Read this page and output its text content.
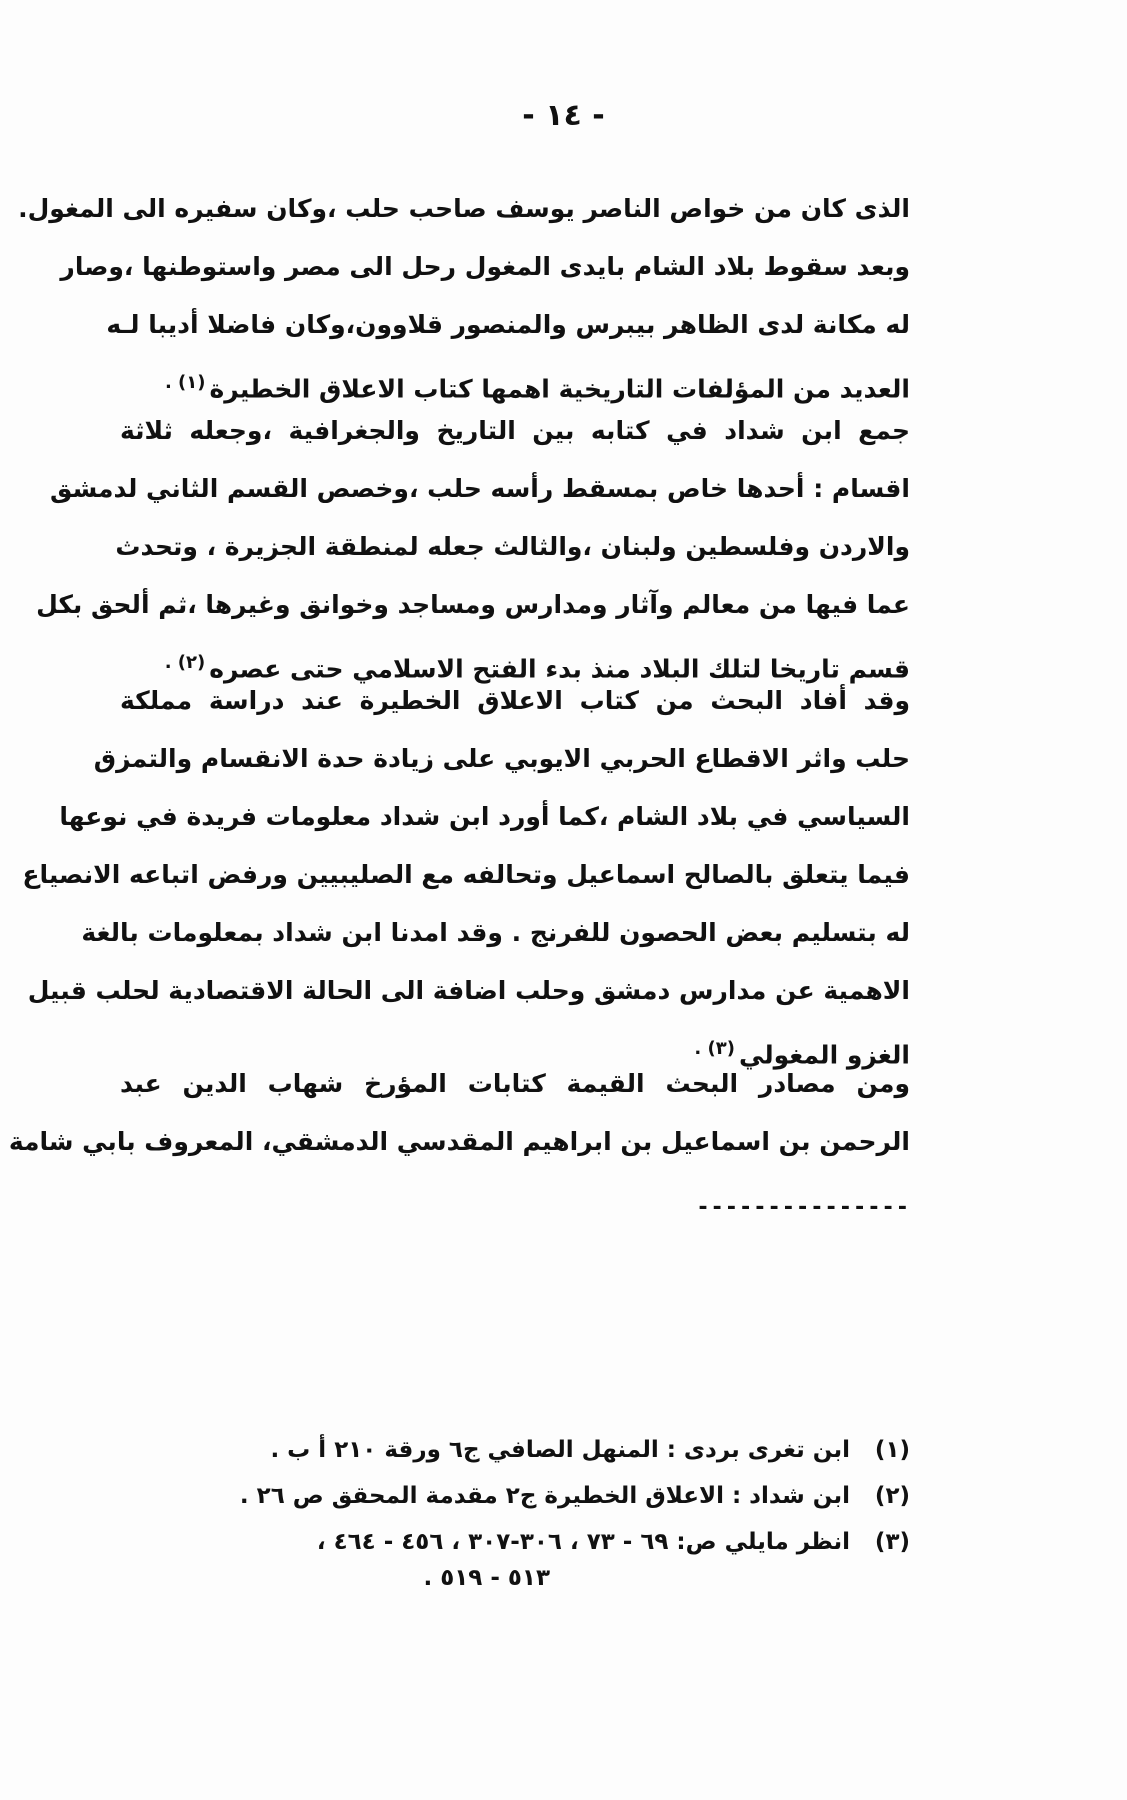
- ١٤ -
الذى كان من خواص الناصر يوسف صاحب حلب ،وكان سفيره الى المغول.
وبعد سقوط بلاد الشام بايدى المغول رحل الى مصر واستوطنها ،وصار
له مكانة لدى الظاهر بيبرس والمنصور قلاوون،وكان فاضلا أديبا لـه
العديد من المؤلفات التاريخية اهمها كتاب الاعلاق الخطيرة$^{(١) .}$
جمع ابن شداد في كتابه بين التاريخ والجغرافية ،وجعله ثلاثة
اقسام : أحدها خاص بمسقط رأسه حلب ،وخصص القسم الثاني لدمشق
والاردن وفلسطين ولبنان ،والثالث جعله لمنطقة الجزيرة ، وتحدث
عما فيها من معالم وآثار ومدارس ومساجد وخوانق وغيرها ،ثم ألحق بكل
قسم تاريخا لتلك البلاد منذ بدء الفتح الاسلامي حتى عصره$^{(٢) .}$
وقد أفاد البحث من كتاب الاعلاق الخطيرة عند دراسة مملكة
حلب واثر الاقطاع الحربي الايوبي على زيادة حدة الانقسام والتمزق
السياسي في بلاد الشام ،كما أورد ابن شداد معلومات فريدة في نوعها
فيما يتعلق بالصالح اسماعيل وتحالفه مع الصليبيين ورفض اتباعه الانصياع
له بتسليم بعض الحصون للفرنج . وقد امدنا ابن شداد بمعلومات بالغة
الاهمية عن مدارس دمشق وحلب اضافة الى الحالة الاقتصادية لحلب قبيل
الغزو المغولي$^{(٣) .}$
ومن مصادر البحث القيمة كتابات المؤرخ شهاب الدين عبد
الرحمن بن اسماعيل بن ابراهيم المقدسي الدمشقي، المعروف بابي شامة
---------------
(١)
ابن تغرى بردى : المنهل الصافي ج٦ ورقة ٢١٠ أ ب .
(٢)
ابن شداد : الاعلاق الخطيرة ج٢ مقدمة المحقق ص ٢٦ .
(٣)
انظر مايلي ص: ٦٩ - ٧٣ ، ٣٠٦-٣٠٧ ، ٤٥٦ - ٤٦٤ ،
٥١٣ - ٥١٩ .
